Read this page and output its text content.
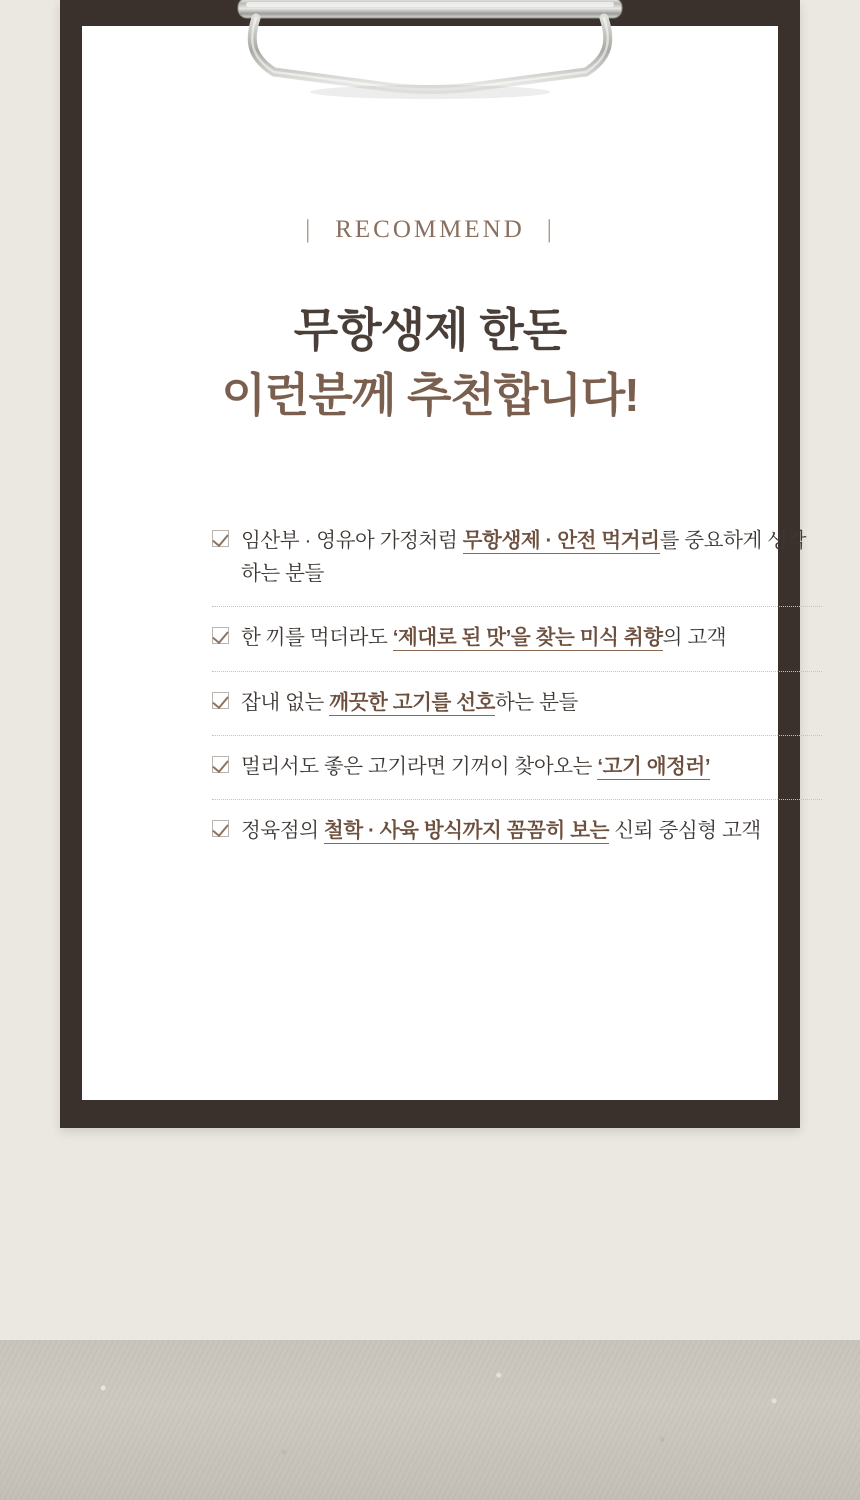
| RECOMMEND |
무항생제 한돈
이런분께 추천합니다!
임산부 · 영유아 가정처럼 무항생제 · 안전 먹거리를 중요하게 생각하는 분들
한 끼를 먹더라도 ‘제대로 된 맛’을 찾는 미식 취향의 고객
잡내 없는 깨끗한 고기를 선호하는 분들
멀리서도 좋은 고기라면 기꺼이 찾아오는 ‘고기 애정러’
정육점의 철학 · 사육 방식까지 꼼꼼히 보는 신뢰 중심형 고객
